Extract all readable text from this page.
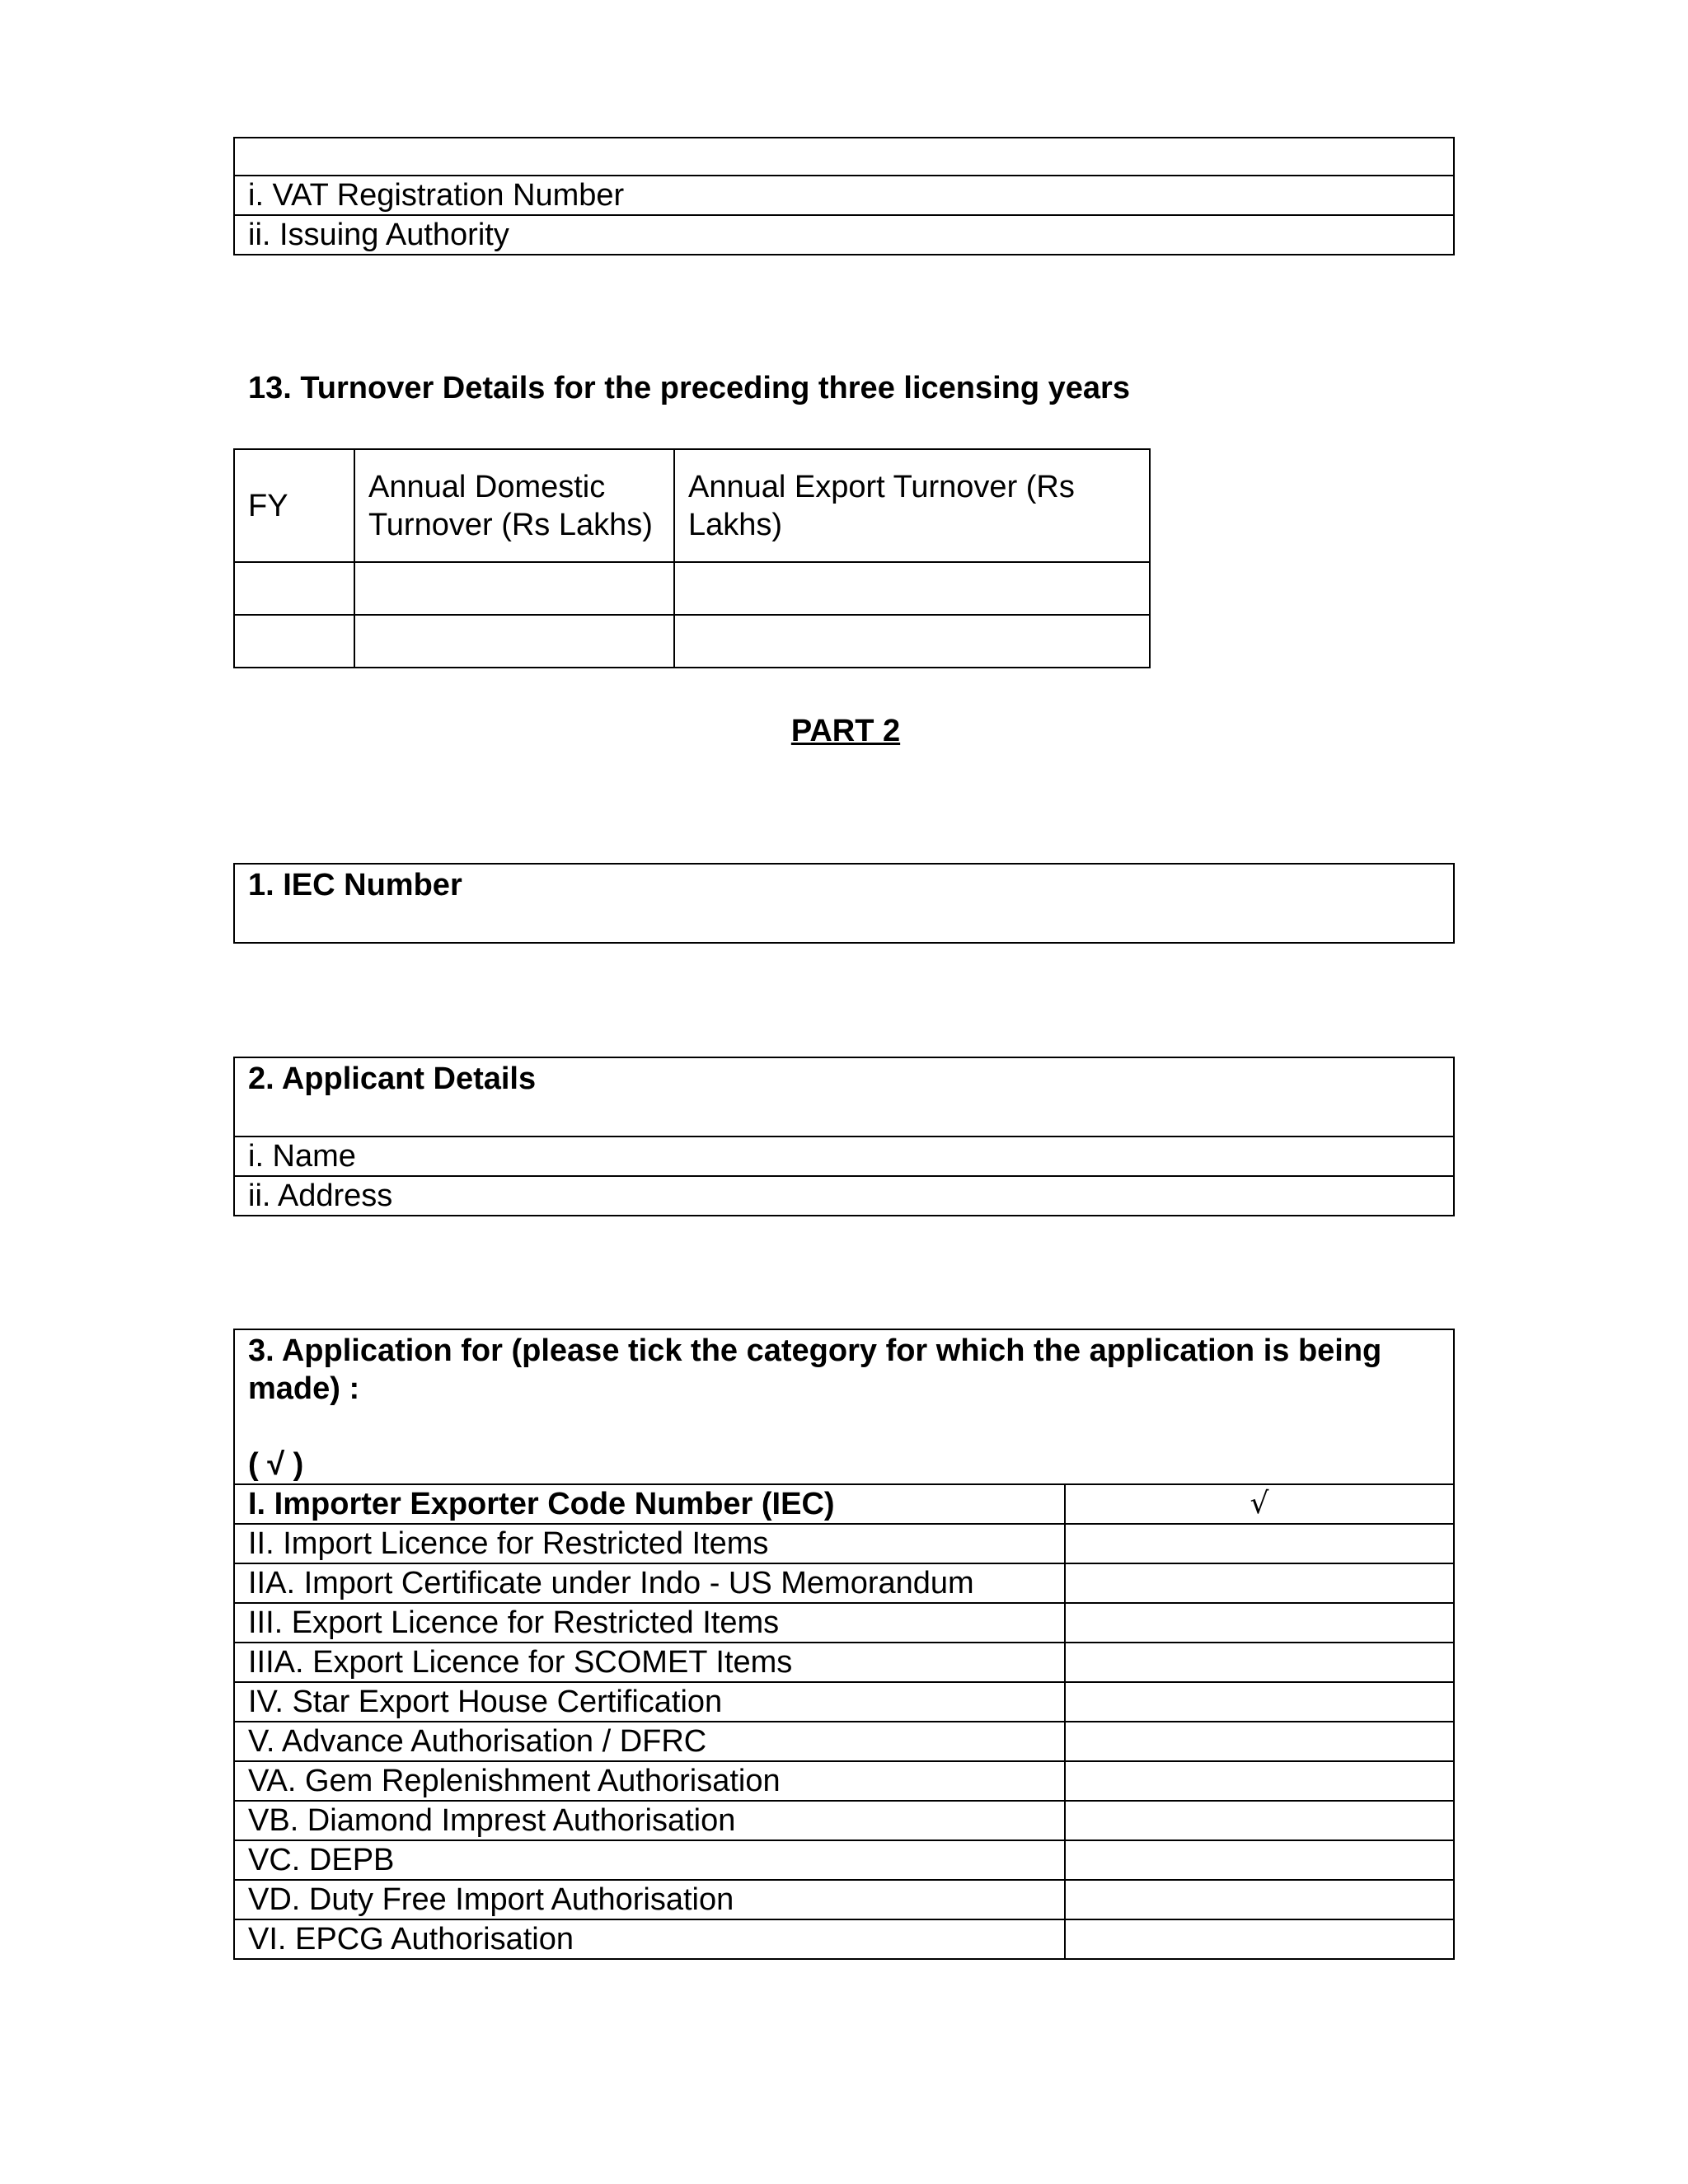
i. VAT Registration Number
ii. Issuing Authority
13. Turnover Details for the preceding three licensing years
FY	Annual Domestic Turnover (Rs Lakhs)	Annual Export Turnover (Rs Lakhs)

PART 2
1. IEC Number
2. Applicant Details
i. Name
ii. Address
3. Application for (please tick the category for which the application is being made) :
( √ )	

I. Importer Exporter Code Number (IEC)	√
II. Import Licence for Restricted Items	
IIA. Import Certificate under Indo - US Memorandum	
III. Export Licence for Restricted Items	
IIIA. Export Licence for SCOMET Items	
IV. Star Export House Certification	
V. Advance Authorisation / DFRC	
VA. Gem Replenishment Authorisation	
VB. Diamond Imprest Authorisation	
VC. DEPB	
VD. Duty Free Import Authorisation	
VI. EPCG Authorisation	
